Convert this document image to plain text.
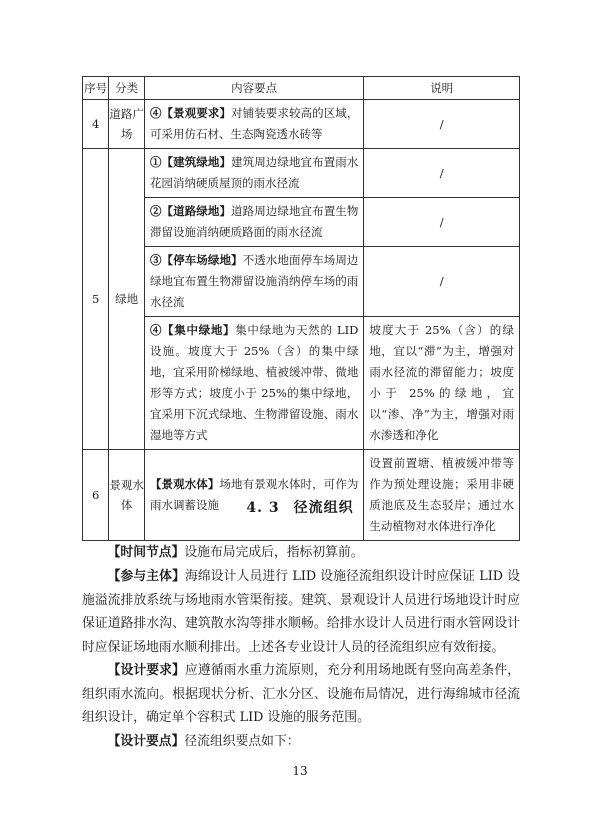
序号	分类	内容要点	说明
4	道路广场	④【景观要求】对铺装要求较高的区域，可采用仿石材、生态陶瓷透水砖等	/
5	绿地	①【建筑绿地】建筑周边绿地宜布置雨水花园消纳硬质屋顶的雨水径流	/
		②【道路绿地】道路周边绿地宜布置生物滞留设施消纳硬质路面的雨水径流	/
		③【停车场绿地】不透水地面停车场周边绿地宜布置生物滞留设施消纳停车场的雨水径流	/
		④【集中绿地】集中绿地为天然的 LID 设施。坡度大于 25%（含）的集中绿地，宜采用阶梯绿地、植被缓冲带、微地形等方式；坡度小于 25%的集中绿地，宜采用下沉式绿地、生物滞留设施、雨水湿地等方式	坡度大于 25%（含）的绿地，宜以“滞”为主，增强对雨水径流的滞留能力；坡度小于 25%的绿地，宜以“渗、净”为主，增强对雨水渗透和净化
6	景观水体	【景观水体】场地有景观水体时，可作为雨水调蓄设施	设置前置塘、植被缓冲带等作为预处理设施；采用非硬质池底及生态驳岸；通过水生动植物对水体进行净化
4. 3 径流组织

【时间节点】设施布局完成后，指标初算前。

【参与主体】海绵设计人员进行 LID 设施径流组织设计时应保证 LID 设施溢流排放系统与场地雨水管渠衔接。建筑、景观设计人员进行场地设计时应保证道路排水沟、建筑散水沟等排水顺畅。给排水设计人员进行雨水管网设计时应保证场地雨水顺利排出。上述各专业设计人员的径流组织应有效衔接。

【设计要求】应遵循雨水重力流原则，充分利用场地既有竖向高差条件，组织雨水流向。根据现状分析、汇水分区、设施布局情况，进行海绵城市径流组织设计，确定单个容积式 LID 设施的服务范围。

【设计要点】径流组织要点如下：

13
